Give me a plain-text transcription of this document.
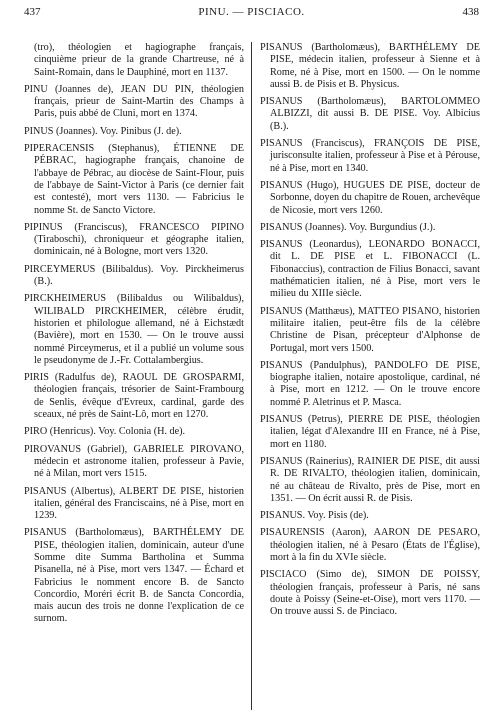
437	PINU. — PISCIACO.	438

(tro), théologien et hagiographe français, cinquième prieur de la grande Chartreuse, né à Saint-Romain, dans le Dauphiné, mort en 1137.

PINU (Joannes de), JEAN DU PIN, théologien français, prieur de Saint-Martin des Champs à Paris, puis abbé de Cluni, mort en 1374.

PINUS (Joannes). Voy. Pinibus (J. de).

PIPERACENSIS (Stephanus), ÉTIENNE DE PÉBRAC, hagiographe français, chanoine de l'abbaye de Pébrac, au diocèse de Saint-Flour, puis de l'abbaye de Saint-Victor à Paris (ce dernier fait est contesté), mort vers 1130. — Fabricius le nomme St. de Sancto Victore.

PIPINUS (Franciscus), FRANCESCO PIPINO (Tiraboschi), chroniqueur et géographe italien, dominicain, né à Bologne, mort vers 1320.

PIRCEYMERUS (Bilibaldus). Voy. Pirckheimerus (B.).

PIRCKHEIMERUS (Bilibaldus ou Wilibaldus), WILIBALD PIRCKHEIMER, célèbre érudit, historien et philologue allemand, né à Eichstædt (Bavière), mort en 1530. — On le trouve aussi nommé Pirceymerus, et il a publié un volume sous le pseudonyme de J.-Fr. Cottalambergius.

PIRIS (Radulfus de), RAOUL DE GROSPARMI, théologien français, trésorier de Saint-Frambourg de Senlis, évêque d'Evreux, cardinal, garde des sceaux, né près de Saint-Lô, mort en 1270.

PIRO (Henricus). Voy. Colonia (H. de).

PIROVANUS (Gabriel), GABRIELE PIROVANO, médecin et astronome italien, professeur à Pavie, né à Milan, mort vers 1515.

PISANUS (Albertus), ALBERT DE PISE, historien italien, général des Franciscains, né à Pise, mort en 1239.

PISANUS (Bartholomæus), BARTHÉLEMY DE PISE, théologien italien, dominicain, auteur d'une Somme dite Summa Bartholina et Summa Pisanella, né à Pise, mort vers 1347. — Échard et Fabricius le nomment encore B. de Sancto Concordio, Moréri écrit B. de Sancta Concordia, mais aucun des trois ne donne l'explication de ce surnom.

PISANUS (Bartholomæus), BARTHÉLEMY DE PISE, médecin italien, professeur à Sienne et à Rome, né à Pise, mort en 1500. — On le nomme aussi B. de Pisis et B. Physicus.

PISANUS (Bartholomæus), BARTOLOMMEO ALBIZZI, dit aussi B. DE PISE. Voy. Albicius (B.).

PISANUS (Franciscus), FRANÇOIS DE PISE, jurisconsulte italien, professeur à Pise et à Pérouse, né à Pise, mort en 1340.

PISANUS (Hugo), HUGUES DE PISE, docteur de Sorbonne, doyen du chapitre de Rouen, archevêque de Nicosie, mort vers 1260.

PISANUS (Joannes). Voy. Burgundius (J.).

PISANUS (Leonardus), LEONARDO BONACCI, dit L. DE PISE et L. FIBONACCI (L. Fibonaccius), contraction de Filius Bonacci, savant mathématicien italien, né à Pise, mort vers le milieu du XIIIe siècle.

PISANUS (Matthæus), MATTEO PISANO, historien militaire italien, peut-être fils de la célèbre Christine de Pisan, précepteur d'Alphonse de Portugal, mort vers 1500.

PISANUS (Pandulphus), PANDOLFO DE PISE, biographe italien, notaire apostolique, cardinal, né à Pise, mort en 1212. — On le trouve encore nommé P. Aletrinus et P. Masca.

PISANUS (Petrus), PIERRE DE PISE, théologien italien, légat d'Alexandre III en France, né à Pise, mort en 1180.

PISANUS (Rainerius), RAINIER DE PISE, dit aussi R. DE RIVALTO, théologien italien, dominicain, né au château de Rivalto, près de Pise, mort en 1351. — On écrit aussi R. de Pisis.

PISANUS. Voy. Pisis (de).

PISAURENSIS (Aaron), AARON DE PESARO, théologien italien, né à Pesaro (États de l'Église), mort à la fin du XVIe siècle.

PISCIACO (Simo de), SIMON DE POISSY, théologien français, professeur à Paris, né sans doute à Poissy (Seine-et-Oise), mort vers 1170. — On trouve aussi S. de Pinciaco.
